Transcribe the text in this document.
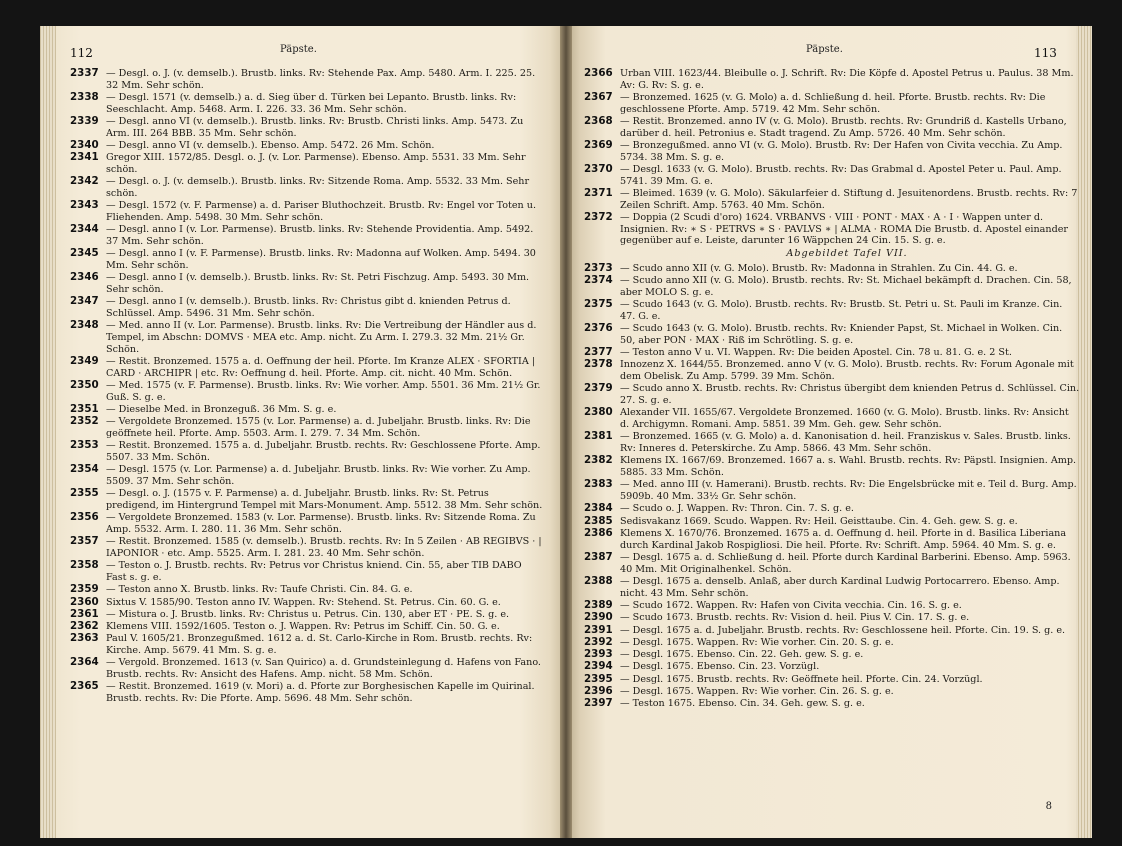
112	Päpste.
2337 — Desgl. o. J. (v. demselb.). Brustb. links. Rv: Stehende Pax. Amp. 5480. Arm. I. 225. 25. 32 Mm. Sehr schön.
2338 — Desgl. 1571 (v. demselb.) a. d. Sieg über d. Türken bei Lepanto. Brustb. links. Rv: Seeschlacht. Amp. 5468. Arm. I. 226. 33. 36 Mm. Sehr schön.
2339 — Desgl. anno VI (v. demselb.). Brustb. links. Rv: Brustb. Christi links. Amp. 5473. Zu Arm. III. 264 BBB. 35 Mm. Sehr schön.
2340 — Desgl. anno VI (v. demselb.). Ebenso. Amp. 5472. 26 Mm. Schön.
2341 Gregor XIII. 1572/85. Desgl. o. J. (v. Lor. Parmense). Ebenso. Amp. 5531. 33 Mm. Sehr schön.
2342 — Desgl. o. J. (v. demselb.). Brustb. links. Rv: Sitzende Roma. Amp. 5532. 33 Mm. Sehr schön.
2343 — Desgl. 1572 (v. F. Parmense) a. d. Pariser Bluthochzeit. Brustb. Rv: Engel vor Toten u. Fliehenden. Amp. 5498. 30 Mm. Sehr schön.
2344 — Desgl. anno I (v. Lor. Parmense). Brustb. links. Rv: Stehende Providentia. Amp. 5492. 37 Mm. Sehr schön.
2345 — Desgl. anno I (v. F. Parmense). Brustb. links. Rv: Madonna auf Wolken. Amp. 5494. 30 Mm. Sehr schön.
2346 — Desgl. anno I (v. demselb.). Brustb. links. Rv: St. Petri Fischzug. Amp. 5493. 30 Mm. Sehr schön.
2347 — Desgl. anno I (v. demselb.). Brustb. links. Rv: Christus gibt d. knienden Petrus d. Schlüssel. Amp. 5496. 31 Mm. Sehr schön.
2348 — Med. anno II (v. Lor. Parmense). Brustb. links. Rv: Die Vertreibung der Händler aus d. Tempel, im Abschn: DOMVS · MEA etc. Amp. nicht. Zu Arm. I. 279.3. 32 Mm. 21½ Gr. Schön.
2349 — Restit. Bronzemed. 1575 a. d. Oeffnung der heil. Pforte. Im Kranze ALEX · SFORTIA | CARD · ARCHIPR | etc. Rv: Oeffnung d. heil. Pforte. Amp. cit. nicht. 40 Mm. Schön.
2350 — Med. 1575 (v. F. Parmense). Brustb. links. Rv: Wie vorher. Amp. 5501. 36 Mm. 21½ Gr. Guß. S. g. e.
2351 — Dieselbe Med. in Bronzeguß. 36 Mm. S. g. e.
2352 — Vergoldete Bronzemed. 1575 (v. Lor. Parmense) a. d. Jubeljahr. Brustb. links. Rv: Die geöffnete heil. Pforte. Amp. 5503. Arm. I. 279. 7. 34 Mm. Schön.
2353 — Restit. Bronzemed. 1575 a. d. Jubeljahr. Brustb. rechts. Rv: Geschlossene Pforte. Amp. 5507. 33 Mm. Schön.
2354 — Desgl. 1575 (v. Lor. Parmense) a. d. Jubeljahr. Brustb. links. Rv: Wie vorher. Zu Amp. 5509. 37 Mm. Sehr schön.
2355 — Desgl. o. J. (1575 v. F. Parmense) a. d. Jubeljahr. Brustb. links. Rv: St. Petrus predigend, im Hintergrund Tempel mit Mars-Monument. Amp. 5512. 38 Mm. Sehr schön.
2356 — Vergoldete Bronzemed. 1583 (v. Lor. Parmense). Brustb. links. Rv: Sitzende Roma. Zu Amp. 5532. Arm. I. 280. 11. 36 Mm. Sehr schön.
2357 — Restit. Bronzemed. 1585 (v. demselb.). Brustb. rechts. Rv: In 5 Zeilen · AB REGIBVS · | IAPONIOR · etc. Amp. 5525. Arm. I. 281. 23. 40 Mm. Sehr schön.
2358 — Teston o. J. Brustb. rechts. Rv: Petrus vor Christus kniend. Cin. 55, aber TIB DABO Fast s. g. e.
2359 — Teston anno X. Brustb. links. Rv: Taufe Christi. Cin. 84. G. e.
2360 Sixtus V. 1585/90. Teston anno IV. Wappen. Rv: Stehend. St. Petrus. Cin. 60. G. e.
2361 — Mistura o. J. Brustb. links. Rv: Christus u. Petrus. Cin. 130, aber ET · PE. S. g. e.
2362 Klemens VIII. 1592/1605. Teston o. J. Wappen. Rv: Petrus im Schiff. Cin. 50. G. e.
2363 Paul V. 1605/21. Bronzegußmed. 1612 a. d. St. Carlo-Kirche in Rom. Brustb. rechts. Rv: Kirche. Amp. 5679. 41 Mm. S. g. e.
2364 — Vergold. Bronzemed. 1613 (v. San Quirico) a. d. Grundsteinlegung d. Hafens von Fano. Brustb. rechts. Rv: Ansicht des Hafens. Amp. nicht. 58 Mm. Schön.
2365 — Restit. Bronzemed. 1619 (v. Mori) a. d. Pforte zur Borghesischen Kapelle im Quirinal. Brustb. rechts. Rv: Die Pforte. Amp. 5696. 48 Mm. Sehr schön.
Päpste.	113
2366 Urban VIII. 1623/44. Bleibulle o. J. Schrift. Rv: Die Köpfe d. Apostel Petrus u. Paulus. 38 Mm. Av: G. Rv: S. g. e.
2367 — Bronzemed. 1625 (v. G. Molo) a. d. Schließung d. heil. Pforte. Brustb. rechts. Rv: Die geschlossene Pforte. Amp. 5719. 42 Mm. Sehr schön.
2368 — Restit. Bronzemed. anno IV (v. G. Molo). Brustb. rechts. Rv: Grundriß d. Kastells Urbano, darüber d. heil. Petronius e. Stadt tragend. Zu Amp. 5726. 40 Mm. Sehr schön.
2369 — Bronzegußmed. anno VI (v. G. Molo). Brustb. Rv: Der Hafen von Civita vecchia. Zu Amp. 5734. 38 Mm. S. g. e.
2370 — Desgl. 1633 (v. G. Molo). Brustb. rechts. Rv: Das Grabmal d. Apostel Peter u. Paul. Amp. 5741. 39 Mm. G. e.
2371 — Bleimed. 1639 (v. G. Molo). Säkularfeier d. Stiftung d. Jesuitenordens. Brustb. rechts. Rv: 7 Zeilen Schrift. Amp. 5763. 40 Mm. Schön.
2372 — Doppia (2 Scudi d'oro) 1624. VRBANVS · VIII · PONT · MAX · A · I · Wappen unter d. Insignien. Rv: ∗ S · PETRVS ∗ S · PAVLVS ∗ | ALMA · ROMA Die Brustb. d. Apostel einander gegenüber auf e. Leiste, darunter 16 Wäppchen 24 Cin. 15. S. g. e.
Abgebildet Tafel VII.
2373 — Scudo anno XII (v. G. Molo). Brustb. Rv: Madonna in Strahlen. Zu Cin. 44. G. e.
2374 — Scudo anno XII (v. G. Molo). Brustb. rechts. Rv: St. Michael bekämpft d. Drachen. Cin. 58, aber MOLO S. g. e.
2375 — Scudo 1643 (v. G. Molo). Brustb. rechts. Rv: Brustb. St. Petri u. St. Pauli im Kranze. Cin. 47. G. e.
2376 — Scudo 1643 (v. G. Molo). Brustb. rechts. Rv: Kniender Papst, St. Michael in Wolken. Cin. 50, aber PON · MAX · Riß im Schrötling. S. g. e.
2377 — Teston anno V u. VI. Wappen. Rv: Die beiden Apostel. Cin. 78 u. 81. G. e. 2 St.
2378 Innozenz X. 1644/55. Bronzemed. anno V (v. G. Molo). Brustb. rechts. Rv: Forum Agonale mit dem Obelisk. Zu Amp. 5799. 39 Mm. Schön.
2379 — Scudo anno X. Brustb. rechts. Rv: Christus übergibt dem knienden Petrus d. Schlüssel. Cin. 27. S. g. e.
2380 Alexander VII. 1655/67. Vergoldete Bronzemed. 1660 (v. G. Molo). Brustb. links. Rv: Ansicht d. Archigymn. Romani. Amp. 5851. 39 Mm. Geh. gew. Sehr schön.
2381 — Bronzemed. 1665 (v. G. Molo) a. d. Kanonisation d. heil. Franziskus v. Sales. Brustb. links. Rv: Inneres d. Peterskirche. Zu Amp. 5866. 43 Mm. Sehr schön.
2382 Klemens IX. 1667/69. Bronzemed. 1667 a. s. Wahl. Brustb. rechts. Rv: Päpstl. Insignien. Amp. 5885. 33 Mm. Schön.
2383 — Med. anno III (v. Hamerani). Brustb. rechts. Rv: Die Engelsbrücke mit e. Teil d. Burg. Amp. 5909b. 40 Mm. 33½ Gr. Sehr schön.
2384 — Scudo o. J. Wappen. Rv: Thron. Cin. 7. S. g. e.
2385 Sedisvakanz 1669. Scudo. Wappen. Rv: Heil. Geisttaube. Cin. 4. Geh. gew. S. g. e.
2386 Klemens X. 1670/76. Bronzemed. 1675 a. d. Oeffnung d. heil. Pforte in d. Basilica Liberiana durch Kardinal Jakob Rospigliosi. Die heil. Pforte. Rv: Schrift. Amp. 5964. 40 Mm. S. g. e.
2387 — Desgl. 1675 a. d. Schließung d. heil. Pforte durch Kardinal Barberini. Ebenso. Amp. 5963. 40 Mm. Mit Originalhenkel. Schön.
2388 — Desgl. 1675 a. denselb. Anlaß, aber durch Kardinal Ludwig Portocarrero. Ebenso. Amp. nicht. 43 Mm. Sehr schön.
2389 — Scudo 1672. Wappen. Rv: Hafen von Civita vecchia. Cin. 16. S. g. e.
2390 — Scudo 1673. Brustb. rechts. Rv: Vision d. heil. Pius V. Cin. 17. S. g. e.
2391 — Desgl. 1675 a. d. Jubeljahr. Brustb. rechts. Rv: Geschlossene heil. Pforte. Cin. 19. S. g. e.
2392 — Desgl. 1675. Wappen. Rv: Wie vorher. Cin. 20. S. g. e.
2393 — Desgl. 1675. Ebenso. Cin. 22. Geh. gew. S. g. e.
2394 — Desgl. 1675. Ebenso. Cin. 23. Vorzügl.
2395 — Desgl. 1675. Brustb. rechts. Rv: Geöffnete heil. Pforte. Cin. 24. Vorzügl.
2396 — Desgl. 1675. Wappen. Rv: Wie vorher. Cin. 26. S. g. e.
2397 — Teston 1675. Ebenso. Cin. 34. Geh. gew. S. g. e.
8
